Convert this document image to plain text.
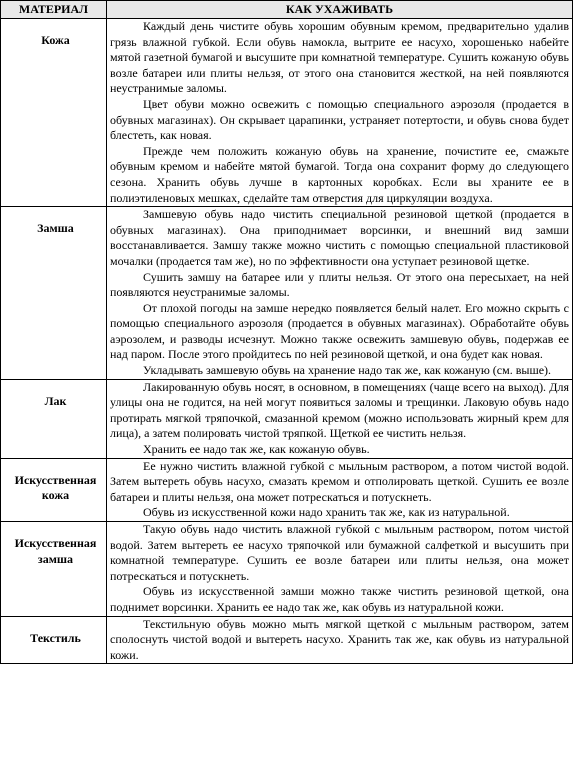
МАТЕРИАЛ	КАК УХАЖИВАТЬ
Кожа	Каждый день чистите обувь хорошим обувным кремом, предварительно удалив грязь влажной губкой. Если обувь намокла, вытрите ее насухо, хорошенько набейте мятой газетной бумагой и высушите при комнатной температуре. Сушить кожаную обувь возле батареи или плиты нельзя, от этого она становится жесткой, на ней появляются неустранимые заломы.

Цвет обуви можно освежить с помощью специального аэрозоля (продается в обувных магазинах). Он скрывает царапинки, устраняет потертости, и обувь снова будет блестеть, как новая.

Прежде чем положить кожаную обувь на хранение, почистите ее, смажьте обувным кремом и набейте мятой бумагой. Тогда она сохранит форму до следующего сезона. Хранить обувь лучше в картонных коробках. Если вы храните ее в полиэтиленовых мешках, сделайте там отверстия для циркуляции воздуха.

Замша	Замшевую обувь надо чистить специальной резиновой щеткой (продается в обувных магазинах). Она приподнимает ворсинки, и внешний вид замши восстанавливается. Замшу также можно чистить с помощью специальной пластиковой мочалки (продается там же), но по эффективности она уступает резиновой щетке.

Сушить замшу на батарее или у плиты нельзя. От этого она пересыхает, на ней появляются неустранимые заломы.

От плохой погоды на замше нередко появляется белый налет. Его можно скрыть с помощью специального аэрозоля (продается в обувных магазинах). Обработайте обувь аэрозолем, и разводы исчезнут. Можно также освежить замшевую обувь, подержав ее над паром. После этого пройдитесь по ней резиновой щеткой, и она будет как новая.

Укладывать замшевую обувь на хранение надо так же, как кожаную (см. выше).

Лак	Лакированную обувь носят, в основном, в помещениях (чаще всего на выход). Для улицы она не годится, на ней могут появиться заломы и трещинки. Лаковую обувь надо протирать мягкой тряпочкой, смазанной кремом (можно использовать жирный крем для лица), а затем полировать чистой тряпкой. Щеткой ее чистить нельзя.

Хранить ее надо так же, как кожаную обувь.

Искусственная кожа	Ее нужно чистить влажной губкой с мыльным раствором, а потом чистой водой. Затем вытереть обувь насухо, смазать кремом и отполировать щеткой. Сушить ее возле батареи и плиты нельзя, она может потрескаться и потускнеть.

Обувь из искусственной кожи надо хранить так же, как из натуральной.

Искусственная замша	Такую обувь надо чистить влажной губкой с мыльным раствором, потом чистой водой. Затем вытереть ее насухо тряпочкой или бумажной салфеткой и высушить при комнатной температуре. Сушить ее возле батареи или плиты нельзя, она может потрескаться и потускнеть.

Обувь из искусственной замши можно также чистить резиновой щеткой, она поднимет ворсинки. Хранить ее надо так же, как обувь из натуральной кожи.

Текстиль	Текстильную обувь можно мыть мягкой щеткой с мыльным раствором, затем сполоснуть чистой водой и вытереть насухо. Хранить так же, как обувь из натуральной кожи.
